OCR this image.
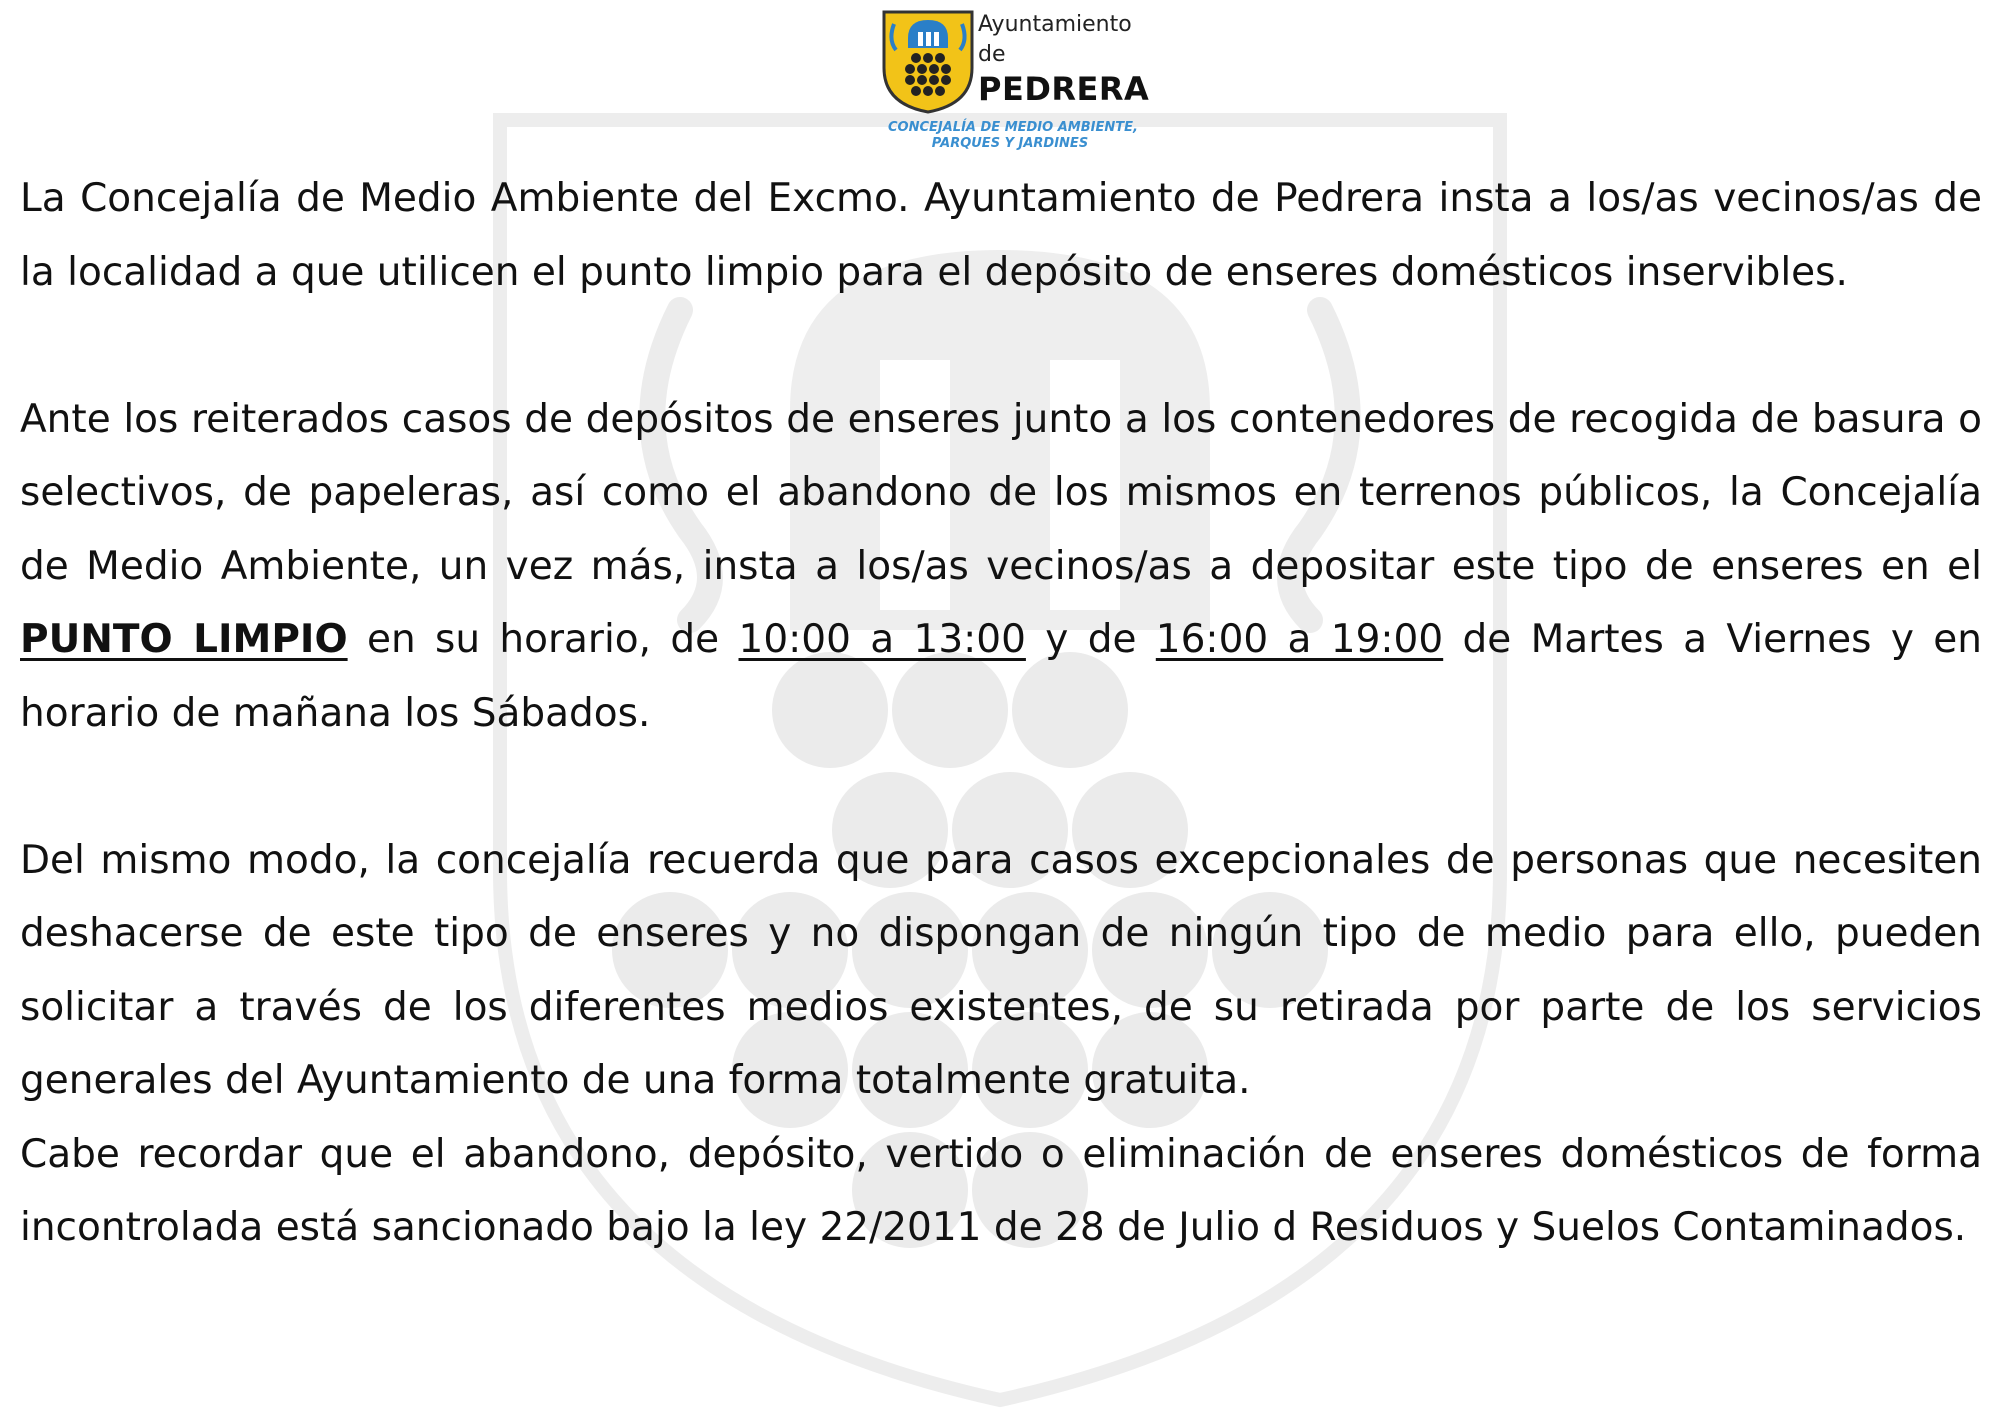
Ayuntamiento
de
PEDRERA
CONCEJALÍA DE MEDIO AMBIENTE,
PARQUES Y JARDINES

La Concejalía de Medio Ambiente del Excmo. Ayuntamiento de Pedrera insta a los/as vecinos/as de la localidad a que utilicen el punto limpio para el depósito de enseres domésticos inservibles.

Ante los reiterados casos de depósitos de enseres junto a los contenedores de recogida de basura o selectivos, de papeleras, así como el abandono de los mismos en terrenos públicos, la Concejalía de Medio Ambiente, un vez más, insta a los/as vecinos/as a depositar este tipo de enseres en el PUNTO LIMPIO en su horario, de 10:00 a 13:00 y de 16:00 a 19:00 de Martes a Viernes y en horario de mañana los Sábados.

Del mismo modo, la concejalía recuerda que para casos excepcionales de personas que necesiten deshacerse de este tipo de enseres y no dispongan de ningún tipo de medio para ello, pueden solicitar a través de los diferentes medios existentes, de su retirada por parte de los servicios generales del Ayuntamiento de una forma totalmente gratuita.

Cabe recordar que el abandono, depósito, vertido o eliminación de enseres domésticos de forma incontrolada está sancionado bajo la ley 22/2011 de 28 de Julio d Residuos y Suelos Contaminados.
